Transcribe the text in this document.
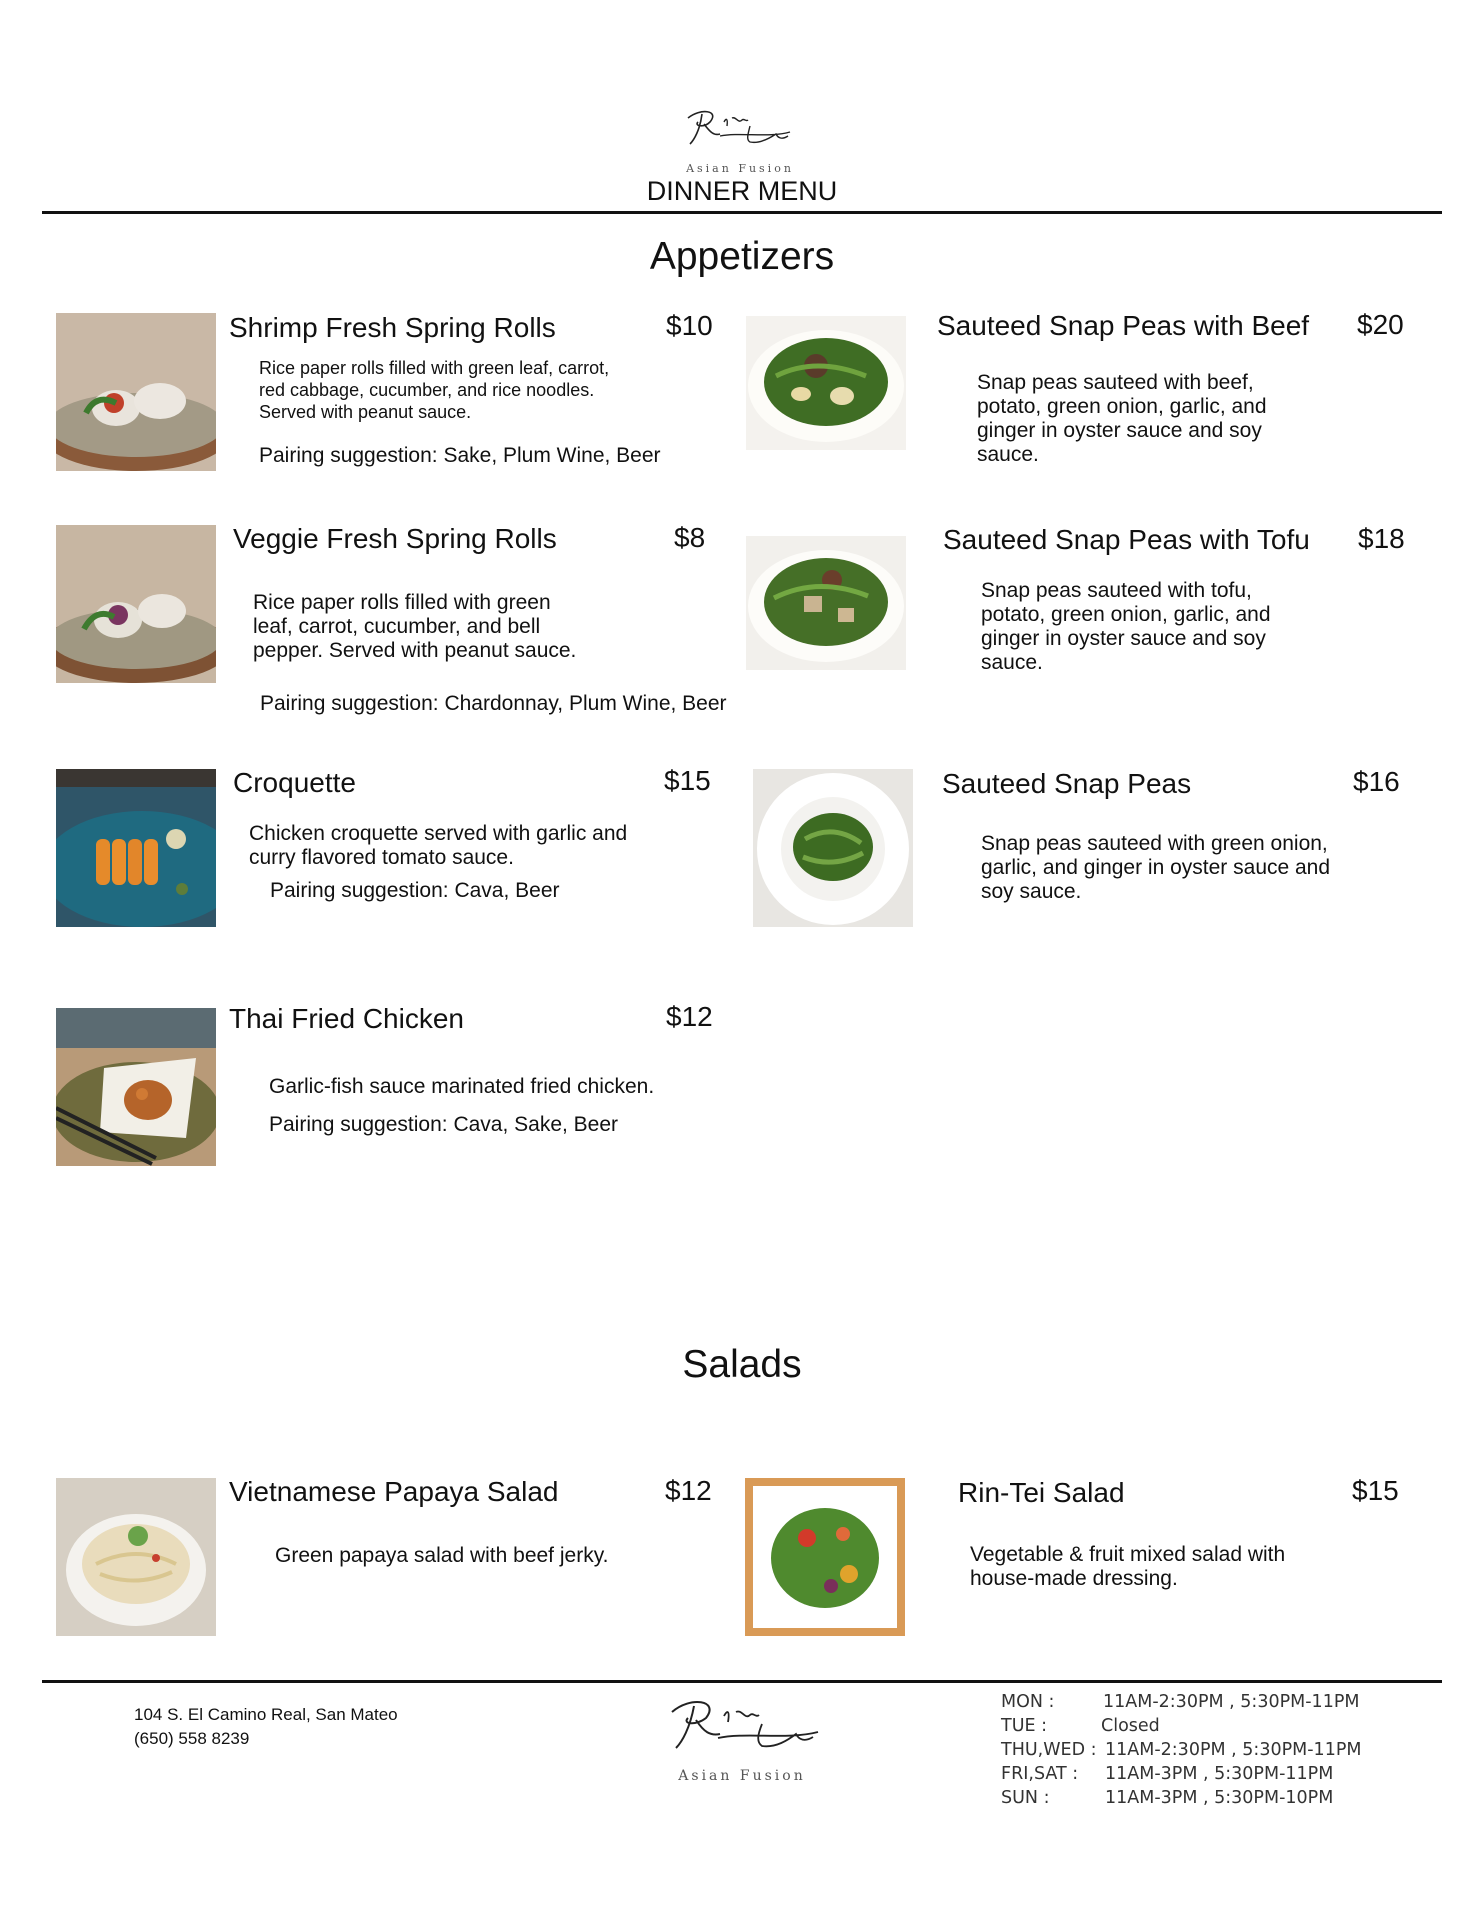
Asian Fusion
DINNER MENU
Appetizers
Shrimp Fresh Spring Rolls	$10
Rice paper rolls filled with green leaf, carrot,
red cabbage, cucumber, and rice noodles.
Served with peanut sauce.
Pairing suggestion: Sake, Plum Wine, Beer
Sauteed Snap Peas with Beef $20
Snap peas sauteed with beef,
potato, green onion, garlic, and
ginger in oyster sauce and soy
sauce.
Veggie Fresh Spring Rolls	$8
Rice paper rolls filled with green
leaf, carrot, cucumber, and bell
pepper. Served with peanut sauce.
Pairing suggestion: Chardonnay, Plum Wine, Beer
Sauteed Snap Peas with Tofu $18
Snap peas sauteed with tofu,
potato, green onion, garlic, and
ginger in oyster sauce and soy
sauce.
Croquette	$15
Chicken croquette served with garlic and
curry flavored tomato sauce.
Pairing suggestion: Cava, Beer
Sauteed Snap Peas	$16
Snap peas sauteed with green onion,
garlic, and ginger in oyster sauce and
soy sauce.
Thai Fried Chicken	$12
Garlic-fish sauce marinated fried chicken.
Pairing suggestion: Cava, Sake, Beer
Salads
Vietnamese Papaya Salad	$12
Green papaya salad with beef jerky.
Rin-Tei Salad	$15
Vegetable & fruit mixed salad with
house-made dressing.
104 S. El Camino Real, San Mateo
(650) 558 8239
Asian Fusion
MON :	11AM-2:30PM , 5:30PM-11PM
TUE :	Closed
THU,WED : 11AM-2:30PM , 5:30PM-11PM
FRI,SAT : 11AM-3PM , 5:30PM-11PM
SUN :	11AM-3PM , 5:30PM-10PM
